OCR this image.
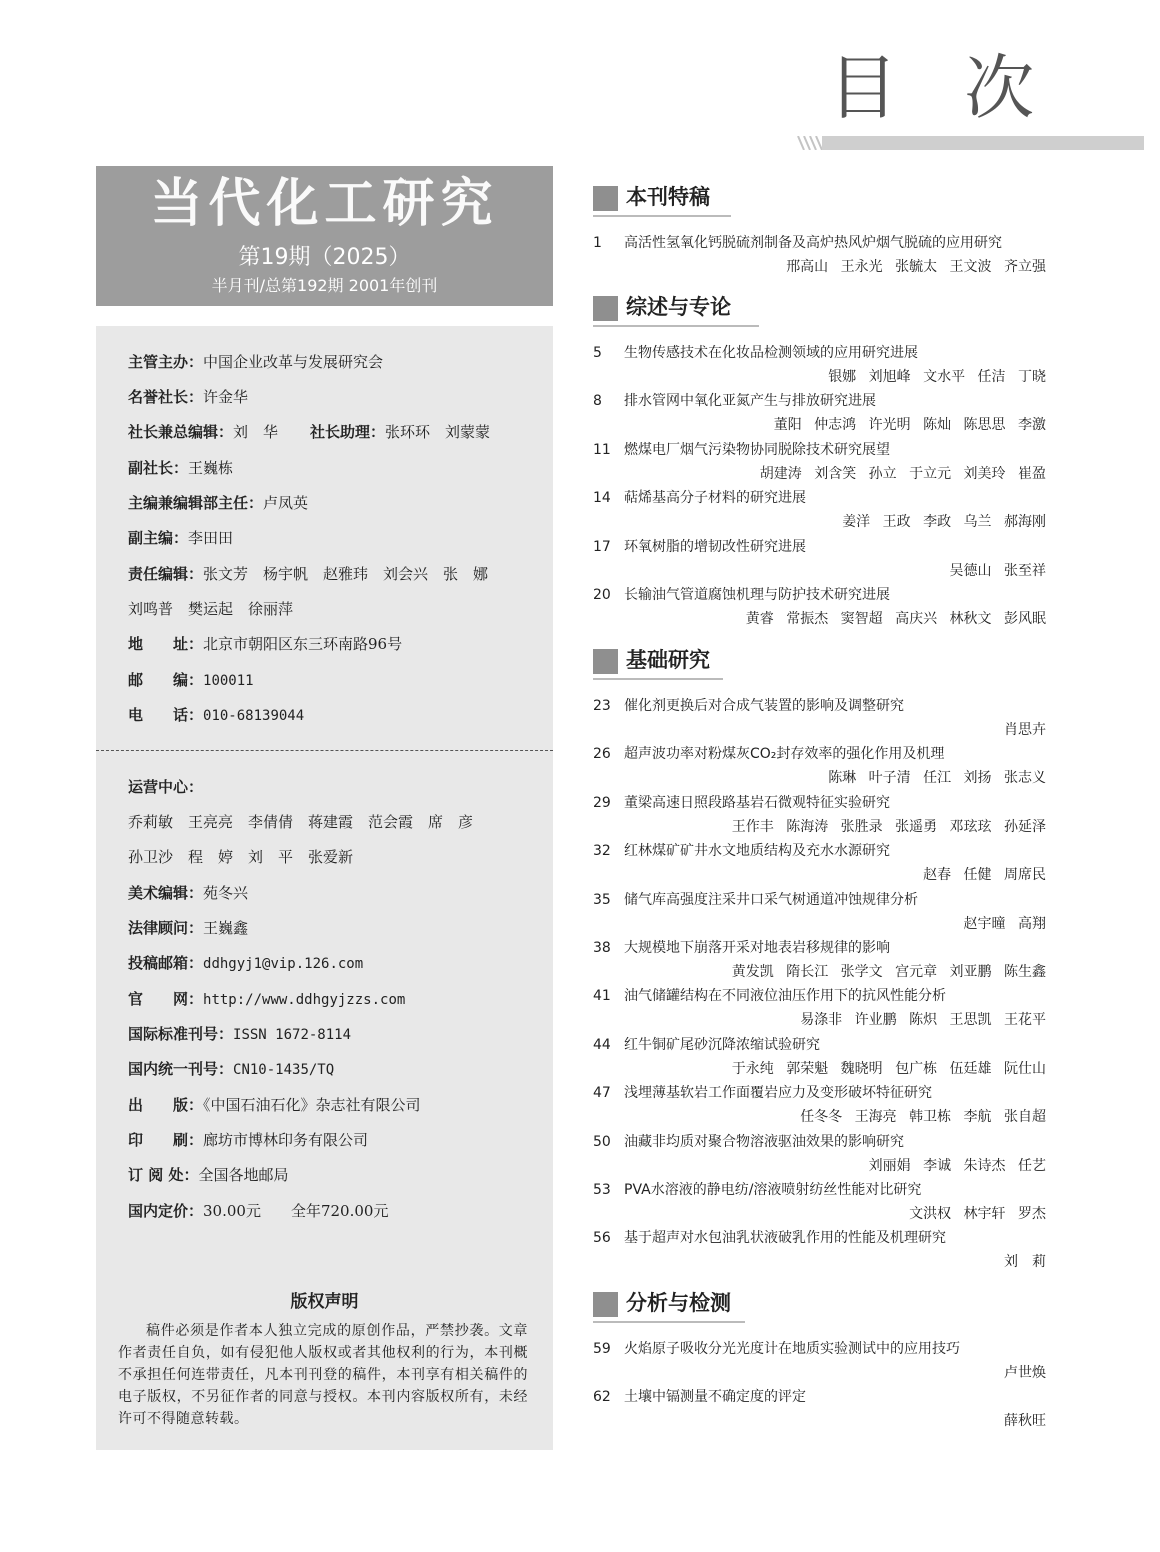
目 次
当代化工研究
第19期（2025）
半月刊/总第192期 2001年创刊
主管主办：中国企业改革与发展研究会
名誉社长：许金华
社长兼总编辑：刘　华 社长助理：张环环　刘蒙蒙
副社长：王巍栋
主编兼编辑部主任：卢凤英
副主编：李田田
责任编辑：张文芳　杨宇帆　赵雅玮　刘会兴　张　娜
刘鸣普　樊运起　徐丽萍
地　　址：北京市朝阳区东三环南路96号
邮　　编：100011
电　　话：010-68139044
运营中心：
乔莉敏　王亮亮　李倩倩　蒋建霞　范会霞　席　彦
孙卫沙　程　婷　刘　平　张爱新
美术编辑：苑冬兴
法律顾问：王巍鑫
投稿邮箱：ddhgyj1@vip.126.com
官　　网：http://www.ddhgyjzzs.com
国际标准刊号：ISSN 1672-8114
国内统一刊号：CN10-1435/TQ
出　　版：《中国石油石化》杂志社有限公司
印　　刷：廊坊市博林印务有限公司
订 阅 处：全国各地邮局
国内定价：30.00元　　全年720.00元
版权声明
稿件必须是作者本人独立完成的原创作品，严禁抄袭。文章作者责任自负，如有侵犯他人版权或者其他权利的行为，本刊概不承担任何连带责任，凡本刊刊登的稿件，本刊享有相关稿件的电子版权，不另征作者的同意与授权。本刊内容版权所有，未经许可不得随意转载。
本刊特稿
1 高活性氢氧化钙脱硫剂制备及高炉热风炉烟气脱硫的应用研究
邢高山 王永光 张毓太 王文波 齐立强
综述与专论
5 生物传感技术在化妆品检测领域的应用研究进展
银娜 刘旭峰 文水平 任洁 丁晓
8 排水管网中氧化亚氮产生与排放研究进展
董阳 仲志鸿 许光明 陈灿 陈思思 李激
11 燃煤电厂烟气污染物协同脱除技术研究展望
胡建涛 刘含笑 孙立 于立元 刘美玲 崔盈
14 萜烯基高分子材料的研究进展
姜洋 王政 李政 乌兰 郝海刚
17 环氧树脂的增韧改性研究进展
吴德山 张至祥
20 长输油气管道腐蚀机理与防护技术研究进展
黄睿 常振杰 窦智超 高庆兴 林秋文 彭风眠
基础研究
23 催化剂更换后对合成气装置的影响及调整研究
肖思卉
26 超声波功率对粉煤灰CO₂封存效率的强化作用及机理
陈琳 叶子清 任江 刘扬 张志义
29 董梁高速日照段路基岩石微观特征实验研究
王作丰 陈海涛 张胜录 张遥勇 邓玹玹 孙延泽
32 红林煤矿矿井水文地质结构及充水水源研究
赵春 任健 周席民
35 储气库高强度注采井口采气树通道冲蚀规律分析
赵宇曈 高翔
38 大规模地下崩落开采对地表岩移规律的影响
黄发凯 隋长江 张学文 宫元章 刘亚鹏 陈生鑫
41 油气储罐结构在不同液位油压作用下的抗风性能分析
易涤非 许业鹏 陈炽 王思凯 王花平
44 红牛铜矿尾砂沉降浓缩试验研究
于永纯 郭荣魁 魏晓明 包广栋 伍廷雄 阮仕山
47 浅埋薄基软岩工作面覆岩应力及变形破坏特征研究
任冬冬 王海亮 韩卫栋 李航 张自超
50 油藏非均质对聚合物溶液驱油效果的影响研究
刘丽娟 李诚 朱诗杰 任艺
53 PVA水溶液的静电纺/溶液喷射纺丝性能对比研究
文洪权 林宇轩 罗杰
56 基于超声对水包油乳状液破乳作用的性能及机理研究
刘　莉
分析与检测
59 火焰原子吸收分光光度计在地质实验测试中的应用技巧
卢世焕
62 土壤中镉测量不确定度的评定
薛秋旺
